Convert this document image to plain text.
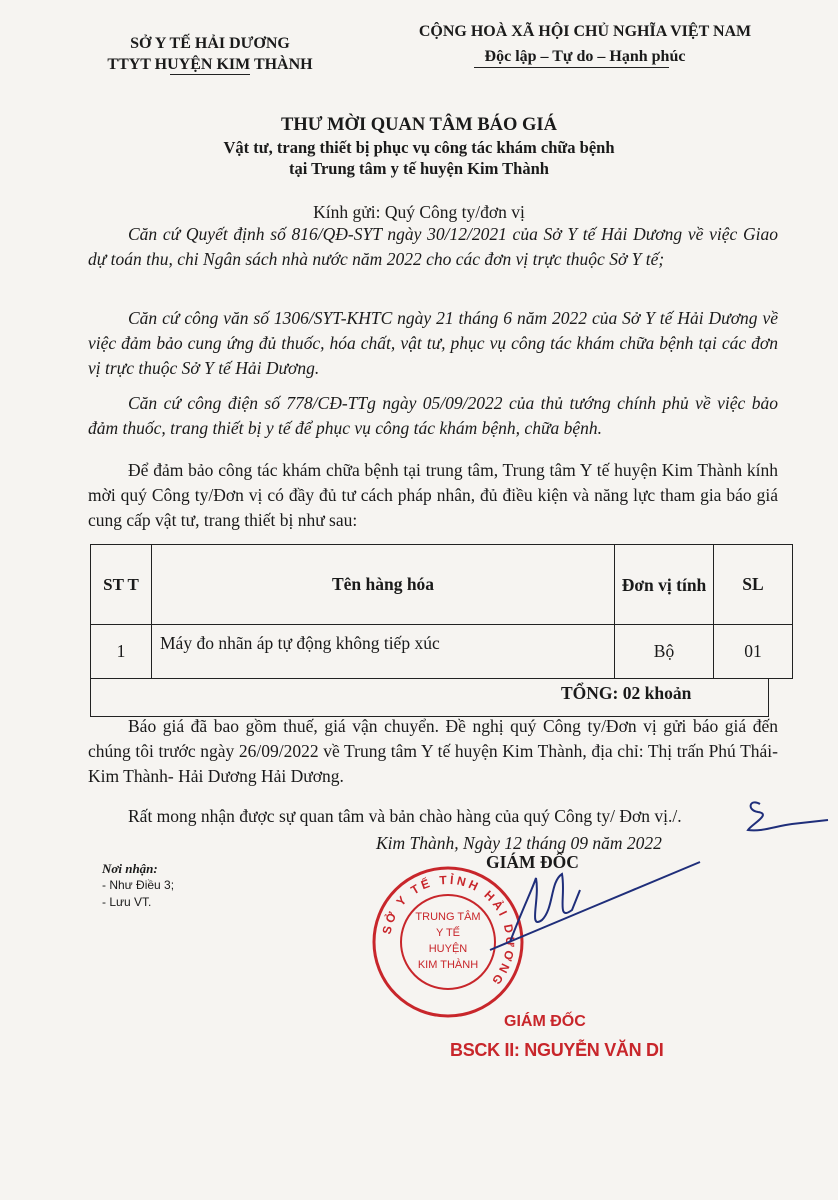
SỞ Y TẾ HẢI DƯƠNG
TTYT HUYỆN KIM THÀNH
CỘNG HOÀ XÃ HỘI CHỦ NGHĨA VIỆT NAM
Độc lập – Tự do – Hạnh phúc
THƯ MỜI QUAN TÂM BÁO GIÁ
Vật tư, trang thiết bị phục vụ công tác khám chữa bệnh
tại Trung tâm y tế huyện Kim Thành
Kính gửi: Quý Công ty/đơn vị
Căn cứ Quyết định số 816/QĐ-SYT ngày 30/12/2021 của Sở Y tế Hải Dương về việc Giao dự toán thu, chi Ngân sách nhà nước năm 2022 cho các đơn vị trực thuộc Sở Y tế;
Căn cứ công văn số 1306/SYT-KHTC ngày 21 tháng 6 năm 2022 của Sở Y tế Hải Dương về việc đảm bảo cung ứng đủ thuốc, hóa chất, vật tư, phục vụ công tác khám chữa bệnh tại các đơn vị trực thuộc Sở Y tế Hải Dương.
Căn cứ công điện số 778/CĐ-TTg ngày 05/09/2022 của thủ tướng chính phủ về việc bảo đảm thuốc, trang thiết bị y tế để phục vụ công tác khám bệnh, chữa bệnh.
Để đảm bảo công tác khám chữa bệnh tại trung tâm, Trung tâm Y tế huyện Kim Thành kính mời quý Công ty/Đơn vị có đầy đủ tư cách pháp nhân, đủ điều kiện và năng lực tham gia báo giá cung cấp vật tư, trang thiết bị như sau:
ST T	Tên hàng hóa	Đơn vị tính	SL
1	Máy đo nhãn áp tự động không tiếp xúc	Bộ	01
TỔNG: 02 khoản
Báo giá đã bao gồm thuế, giá vận chuyển. Đề nghị quý Công ty/Đơn vị gửi báo giá đến chúng tôi trước ngày 26/09/2022 về Trung tâm Y tế huyện Kim Thành, địa chỉ: Thị trấn Phú Thái- Kim Thành- Hải Dương Hải Dương.
Rất mong nhận được sự quan tâm và bản chào hàng của quý Công ty/ Đơn vị./.
Kim Thành, Ngày 12 tháng 09 năm 2022
GIÁM ĐỐC
Nơi nhận:
- Như Điều 3;
- Lưu VT.
SỞ Y TẾ TỈNH HẢI DƯƠNG
TRUNG TÂM
Y TẾ
HUYỆN
KIM THÀNH
GIÁM ĐỐC
BSCK II: NGUYỄN VĂN DI
